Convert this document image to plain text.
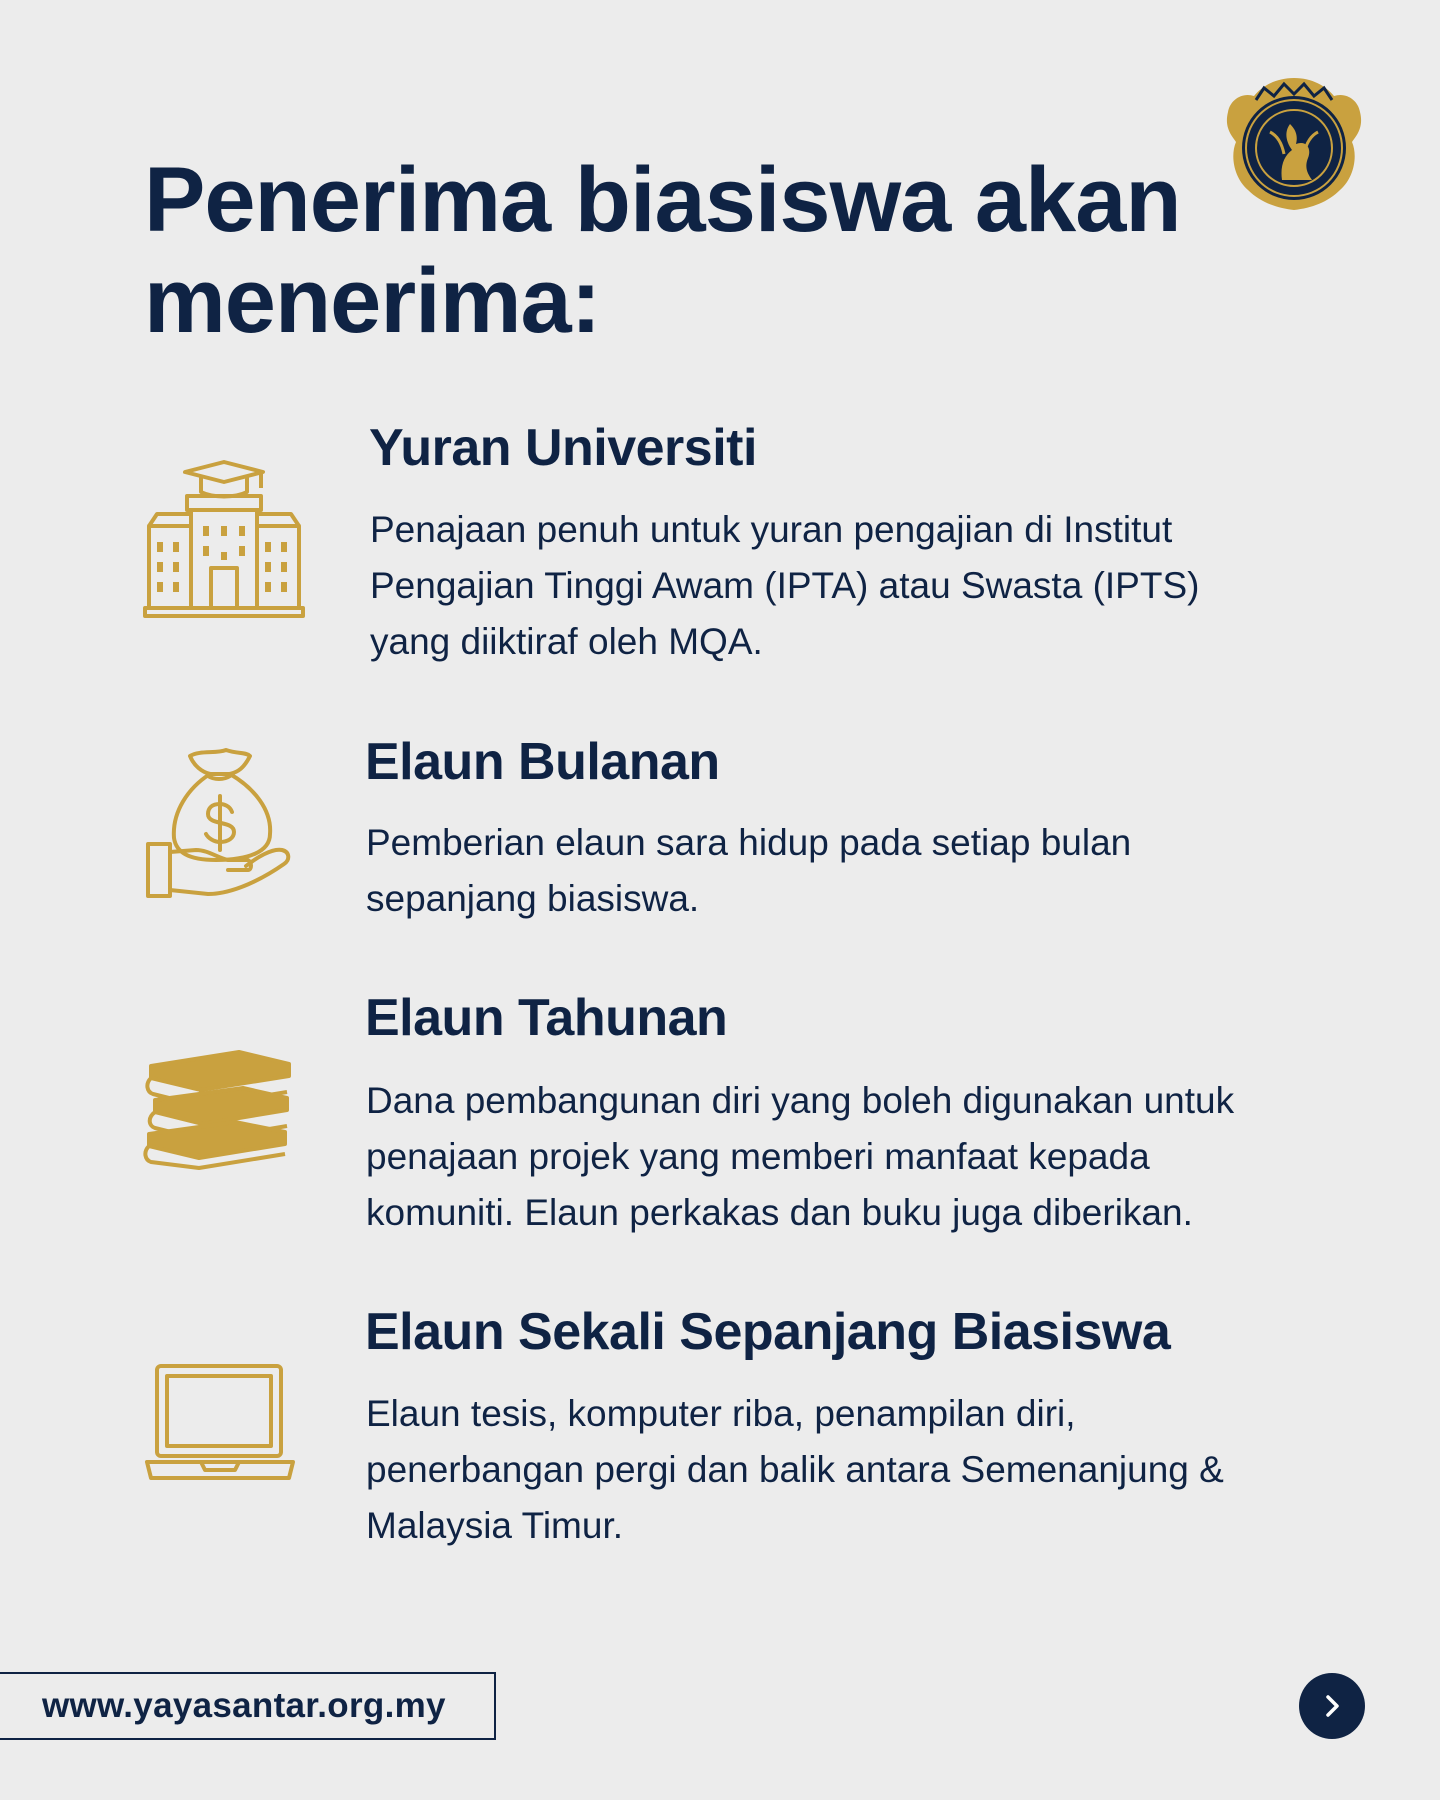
Penerima biasiswa akan menerima:
Yuran Universiti

Penajaan penuh untuk yuran pengajian di Institut Pengajian Tinggi Awam (IPTA) atau Swasta (IPTS) yang diiktiraf oleh MQA.

Elaun Bulanan

Pemberian elaun sara hidup pada setiap bulan sepanjang biasiswa.

Elaun Tahunan

Dana pembangunan diri yang boleh digunakan untuk penajaan projek yang memberi manfaat kepada komuniti. Elaun perkakas dan buku juga diberikan.

Elaun Sekali Sepanjang Biasiswa

Elaun tesis, komputer riba, penampilan diri, penerbangan pergi dan balik antara Semenanjung & Malaysia Timur.

www.yayasantar.org.my
